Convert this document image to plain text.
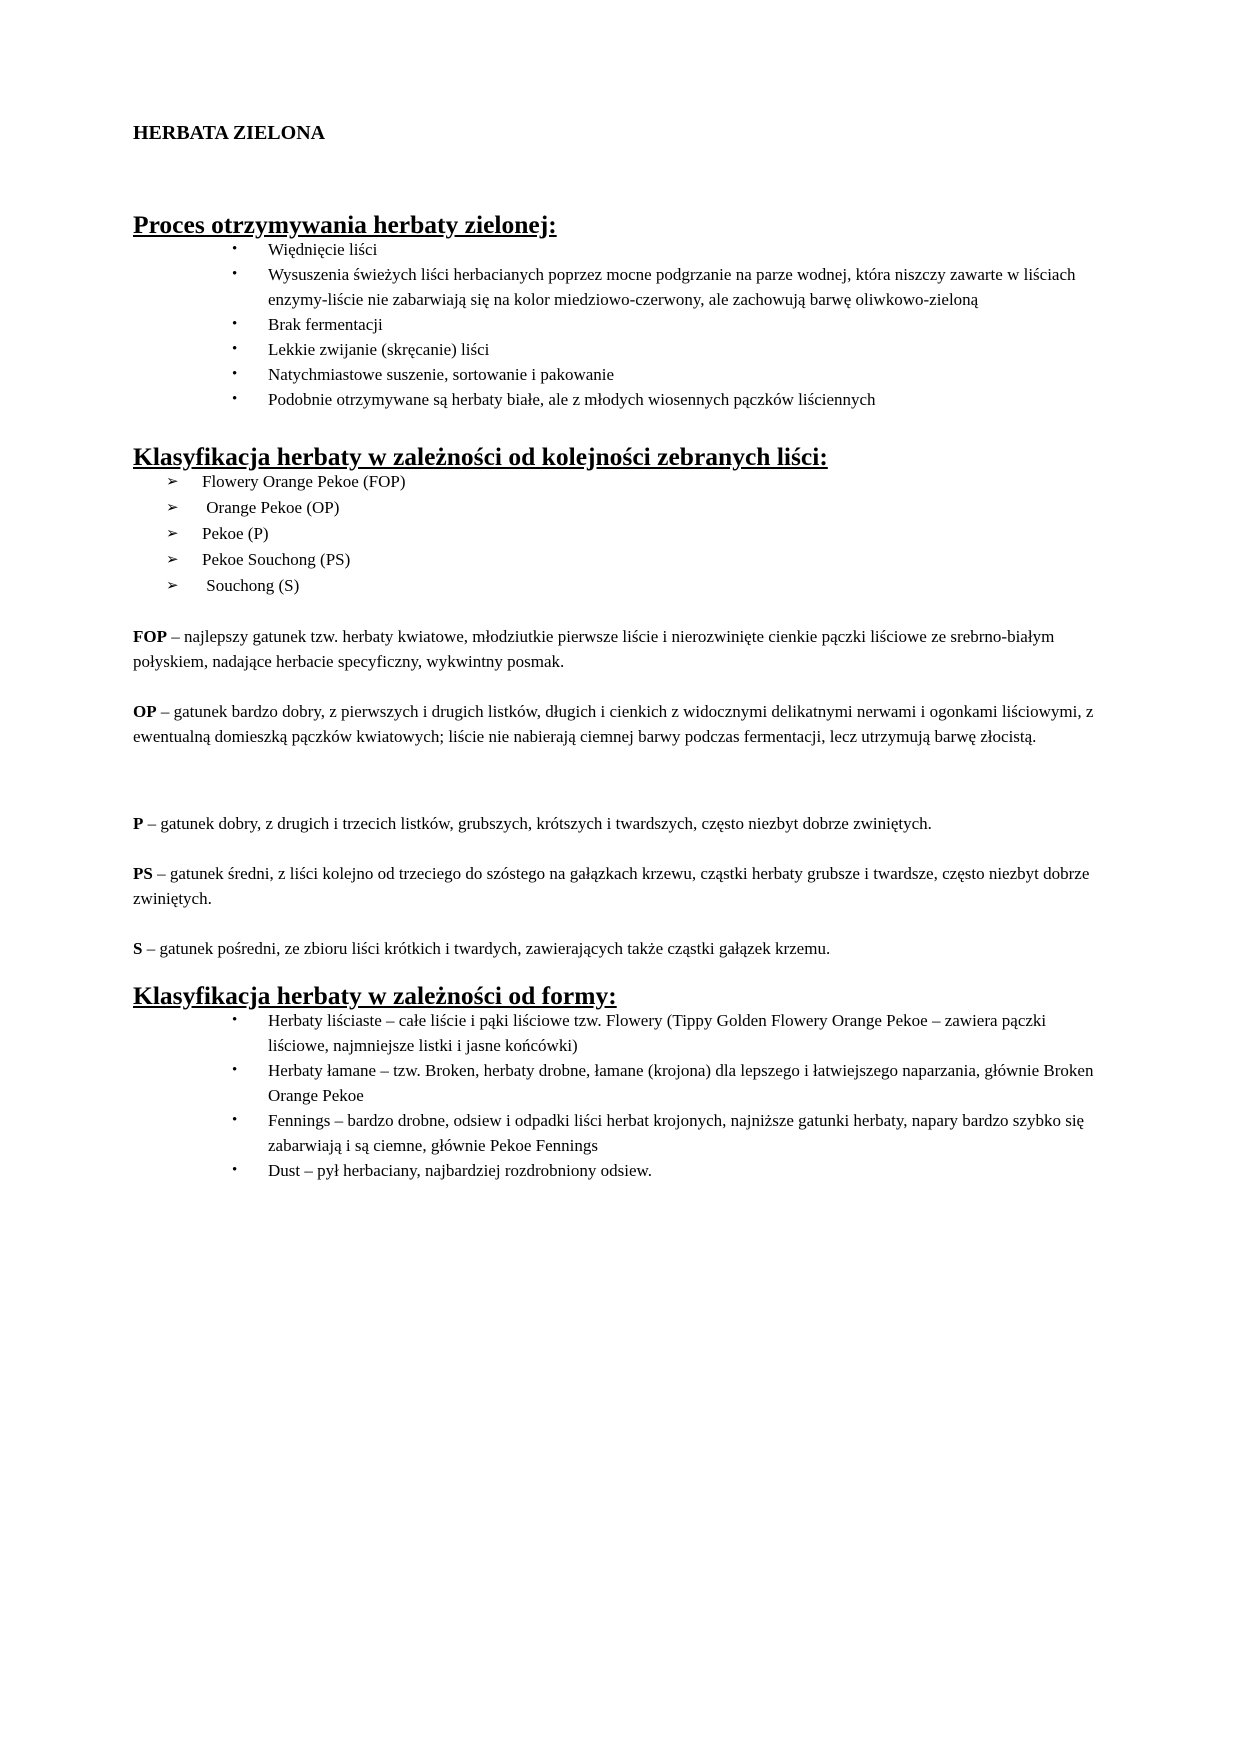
HERBATA ZIELONA
Proces otrzymywania herbaty zielonej:
•	Więdnięcie liści
•	Wysuszenia świeżych liści herbacianych poprzez mocne podgrzanie na parze wodnej, która niszczy zawarte w liściach enzymy-liście nie zabarwiają się na kolor miedziowo-czerwony, ale zachowują barwę oliwkowo-zieloną
•	Brak fermentacji
•	Lekkie zwijanie (skręcanie) liści
•	Natychmiastowe suszenie, sortowanie i pakowanie
•	Podobnie otrzymywane są herbaty białe, ale z młodych wiosennych pączków liściennych
Klasyfikacja herbaty w zależności od kolejności zebranych liści:
➢	Flowery Orange Pekoe (FOP)
➢	Orange Pekoe (OP)
➢	Pekoe (P)
➢	Pekoe Souchong (PS)
➢	Souchong (S)

FOP – najlepszy gatunek tzw. herbaty kwiatowe, młodziutkie pierwsze liście i nierozwinięte cienkie pączki liściowe ze srebrno-białym połyskiem, nadające herbacie specyficzny, wykwintny posmak.

OP – gatunek bardzo dobry, z pierwszych i drugich listków, długich i cienkich z widocznymi delikatnymi nerwami i ogonkami liściowymi, z ewentualną domieszką pączków kwiatowych; liście nie nabierają ciemnej barwy podczas fermentacji, lecz utrzymują barwę złocistą.

P – gatunek dobry, z drugich i trzecich listków, grubszych, krótszych i twardszych, często niezbyt dobrze zwiniętych.

PS – gatunek średni, z liści kolejno od trzeciego do szóstego na gałązkach krzewu, cząstki herbaty grubsze i twardsze, często niezbyt dobrze zwiniętych.

S – gatunek pośredni, ze zbioru liści krótkich i twardych, zawierających także cząstki gałązek krzemu.

Klasyfikacja herbaty w zależności od formy:
•	Herbaty liściaste – całe liście i pąki liściowe tzw. Flowery (Tippy Golden Flowery Orange Pekoe – zawiera pączki liściowe, najmniejsze listki i jasne końcówki)
•	Herbaty łamane – tzw. Broken, herbaty drobne, łamane (krojona) dla lepszego i łatwiejszego naparzania, głównie Broken Orange Pekoe
•	Fennings – bardzo drobne, odsiew i odpadki liści herbat krojonych, najniższe gatunki herbaty, napary bardzo szybko się zabarwiają i są ciemne, głównie Pekoe Fennings
•	Dust – pył herbaciany, najbardziej rozdrobniony odsiew.
